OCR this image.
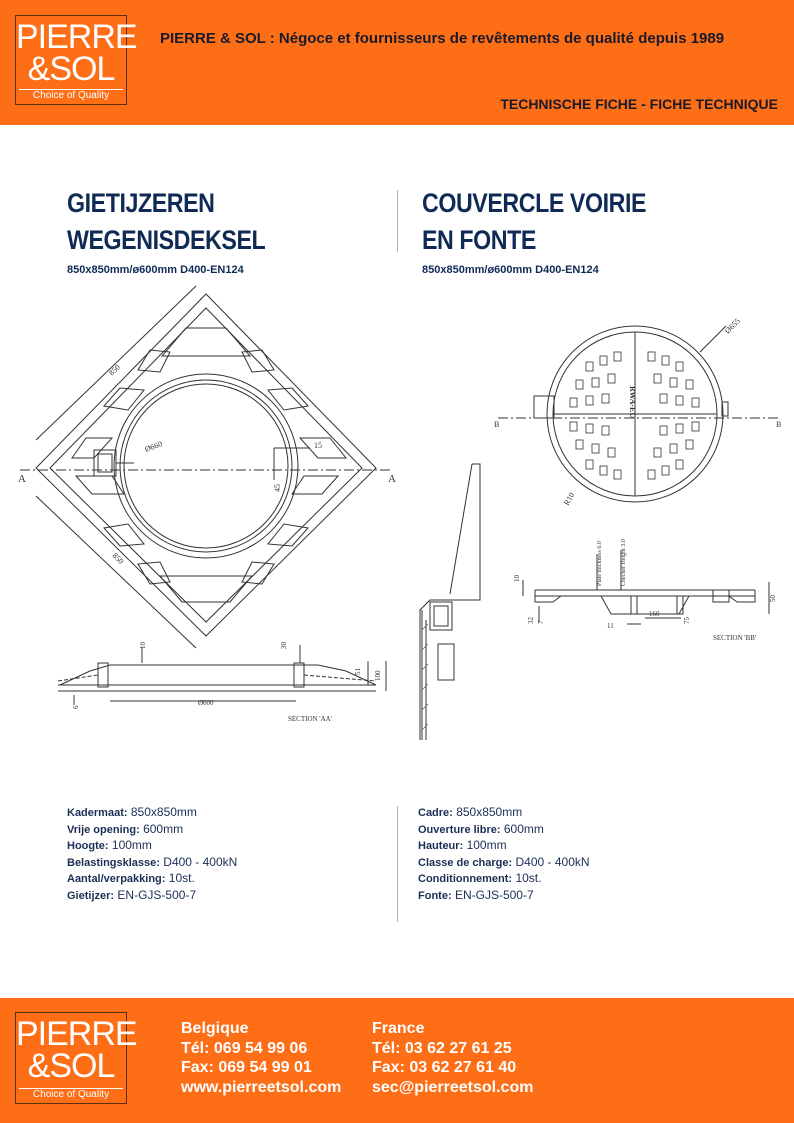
PIERRE
&SOL
Choice of Quality
PIERRE & SOL : Négoce et fournisseurs de revêtements de qualité depuis 1989
TECHNISCHE FICHE - FICHE TECHNIQUE
GIETIJZEREN
WEGENISDEKSEL
850x850mm/ø600mm D400-EN124
COUVERCLE VOIRIE
EN FONTE
850x850mm/ø600mm D400-EN124
A	A
850
850
Ø660	15
45
10	30
51 100
6
Ø600
SECTION 'AA'
B	B
Ø655
RWA-EU
R10
Plate thickness 6.0	Checker Height 3.0
10
32 7	11
160
75
50
SECTION 'BB'
Kadermaat: 850x850mm
Vrije opening: 600mm
Hoogte: 100mm
Belastingsklasse: D400 - 400kN
Aantal/verpakking: 10st.
Gietijzer: EN-GJS-500-7
Cadre: 850x850mm
Ouverture libre: 600mm
Hauteur: 100mm
Classe de charge: D400 - 400kN
Conditionnement: 10st.
Fonte: EN-GJS-500-7
PIERRE
&SOL
Choice of Quality
Belgique
Tél: 069 54 99 06
Fax: 069 54 99 01
www.pierreetsol.com
France
Tél: 03 62 27 61 25
Fax: 03 62 27 61 40
sec@pierreetsol.com
